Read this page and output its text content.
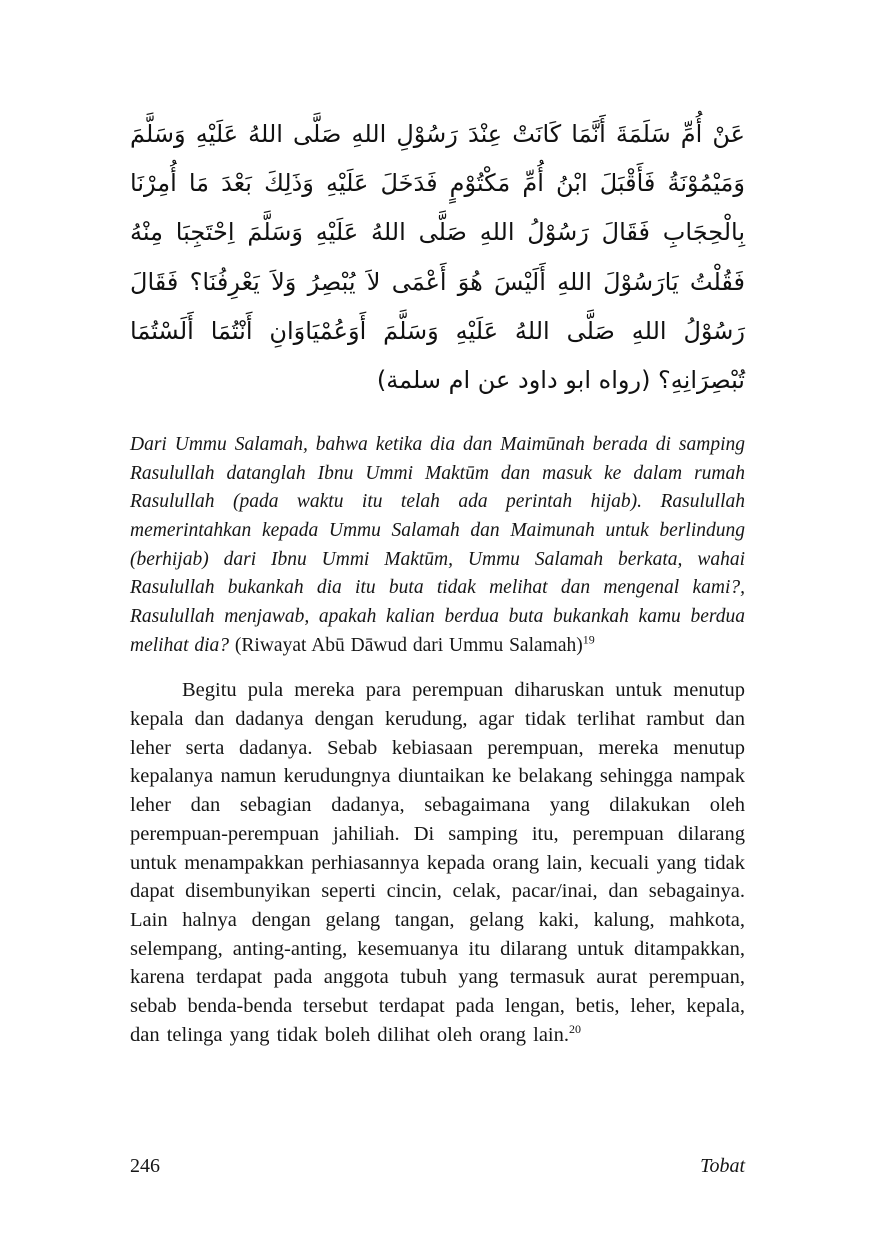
عَنْ أُمِّ سَلَمَةَ أَنَّمَا كَانَتْ عِنْدَ رَسُوْلِ اللهِ صَلَّى اللهُ عَلَيْهِ وَسَلَّمَ وَمَيْمُوْنَةُ فَأَقْبَلَ ابْنُ أُمِّ مَكْتُوْمٍ فَدَخَلَ عَلَيْهِ وَذَلِكَ بَعْدَ مَا أُمِرْنَا بِالْحِجَابِ فَقَالَ رَسُوْلُ اللهِ صَلَّى اللهُ عَلَيْهِ وَسَلَّمَ اِحْتَجِبَا مِنْهُ فَقُلْتُ يَارَسُوْلَ اللهِ أَلَيْسَ هُوَ أَعْمَى لاَ يُبْصِرُ وَلاَ يَعْرِفُنَا؟ فَقَالَ رَسُوْلُ اللهِ صَلَّى اللهُ عَلَيْهِ وَسَلَّمَ أَوَعُمْيَاوَانِ أَنْتُمَا أَلَسْتُمَا تُبْصِرَانِهِ؟ (رواه ابو داود عن ام سلمة)

Dari Ummu Salamah, bahwa ketika dia dan Maimūnah berada di samping Rasulullah datanglah Ibnu Ummi Maktūm dan masuk ke dalam rumah Rasulullah (pada waktu itu telah ada perintah hijab). Rasulullah memerintahkan kepada Ummu Salamah dan Maimunah untuk berlindung (berhijab) dari Ibnu Ummi Maktūm, Ummu Salamah berkata, wahai Rasulullah bukankah dia itu buta tidak melihat dan mengenal kami?, Rasulullah menjawab, apakah kalian berdua buta bukankah kamu berdua melihat dia? (Riwayat Abū Dāwud dari Ummu Salamah)$^{19}$

Begitu pula mereka para perempuan diharuskan untuk menutup kepala dan dadanya dengan kerudung, agar tidak terlihat rambut dan leher serta dadanya. Sebab kebiasaan perempuan, mereka menutup kepalanya namun kerudungnya diuntaikan ke belakang sehingga nampak leher dan sebagian dadanya, sebagaimana yang dilakukan oleh perempuan-perempuan jahiliah. Di samping itu, perempuan dilarang untuk menampakkan perhiasannya kepada orang lain, kecuali yang tidak dapat disembunyikan seperti cincin, celak, pacar/inai, dan sebagainya. Lain halnya dengan gelang tangan, gelang kaki, kalung, mahkota, selempang, anting-anting, kesemuanya itu dilarang untuk ditampakkan, karena terdapat pada anggota tubuh yang termasuk aurat perempuan, sebab benda-benda tersebut terdapat pada lengan, betis, leher, kepala, dan telinga yang tidak boleh dilihat oleh orang lain.$^{20}$

246	Tobat
